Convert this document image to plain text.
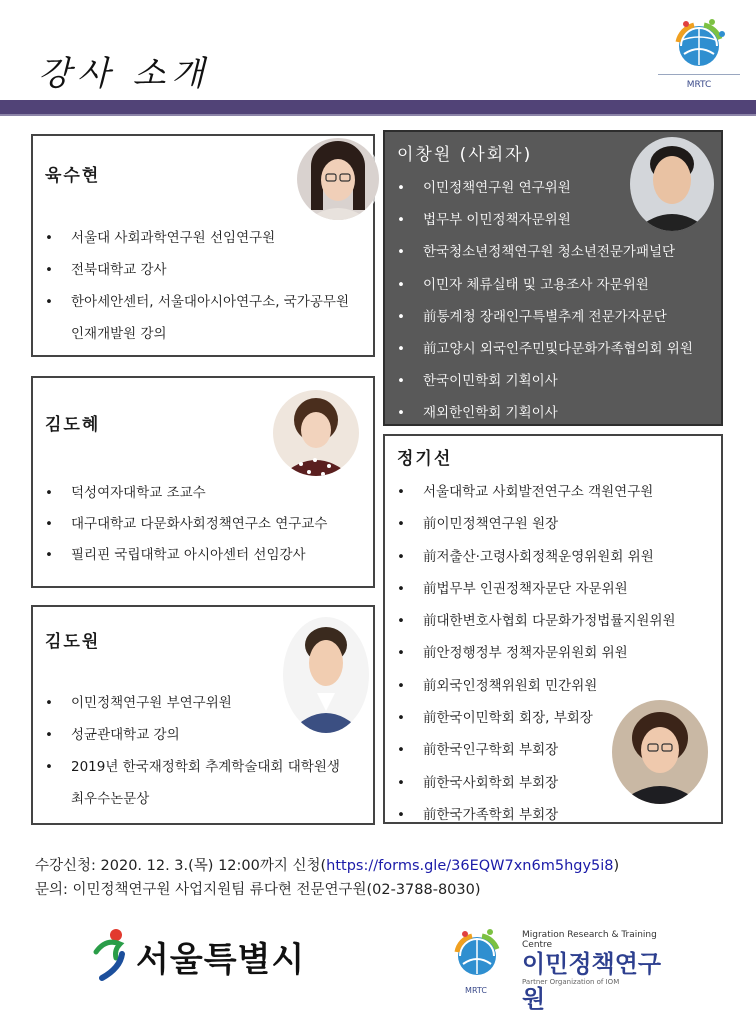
강사 소개	MRTC
육수현
• 서울대 사회과학연구원 선임연구원
• 전북대학교 강사
• 한아세안센터, 서울대아시아연구소, 국가공무원
인재개발원 강의
김도혜
• 덕성여자대학교 조교수
• 대구대학교 다문화사회정책연구소 연구교수
• 필리핀 국립대학교 아시아센터 선임강사
김도원
• 이민정책연구원 부연구위원
• 성균관대학교 강의
• 2019년 한국재정학회 추계학술대회 대학원생
최우수논문상
이창원 (사회자)
• 이민정책연구원 연구위원
• 법무부 이민정책자문위원
• 한국청소년정책연구원 청소년전문가패널단
• 이민자 체류실태 및 고용조사 자문위원
• 前통계청 장래인구특별추계 전문가자문단
• 前고양시 외국인주민및다문화가족협의회 위원
• 한국이민학회 기획이사
• 재외한인학회 기획이사
정기선
• 서울대학교 사회발전연구소 객원연구원
• 前이민정책연구원 원장
• 前저출산·고령사회정책운영위원회 위원
• 前법무부 인권정책자문단 자문위원
• 前대한변호사협회 다문화가정법률지원위원
• 前안정행정부 정책자문위원회 위원
• 前외국인정책위원회 민간위원
• 前한국이민학회 회장, 부회장
• 前한국인구학회 부회장
• 前한국사회학회 부회장
• 前한국가족학회 부회장
수강신청: 2020. 12. 3.(목) 12:00까지 신청(https://forms.gle/36EQW7xn6m5hgy5i8)
문의: 이민정책연구원 사업지원팀 류다현 전문연구원(02-3788-8030)
서울특별시
MRTC
Migration Research & Training Centre
이민정책연구원
Partner Organization of IOM
